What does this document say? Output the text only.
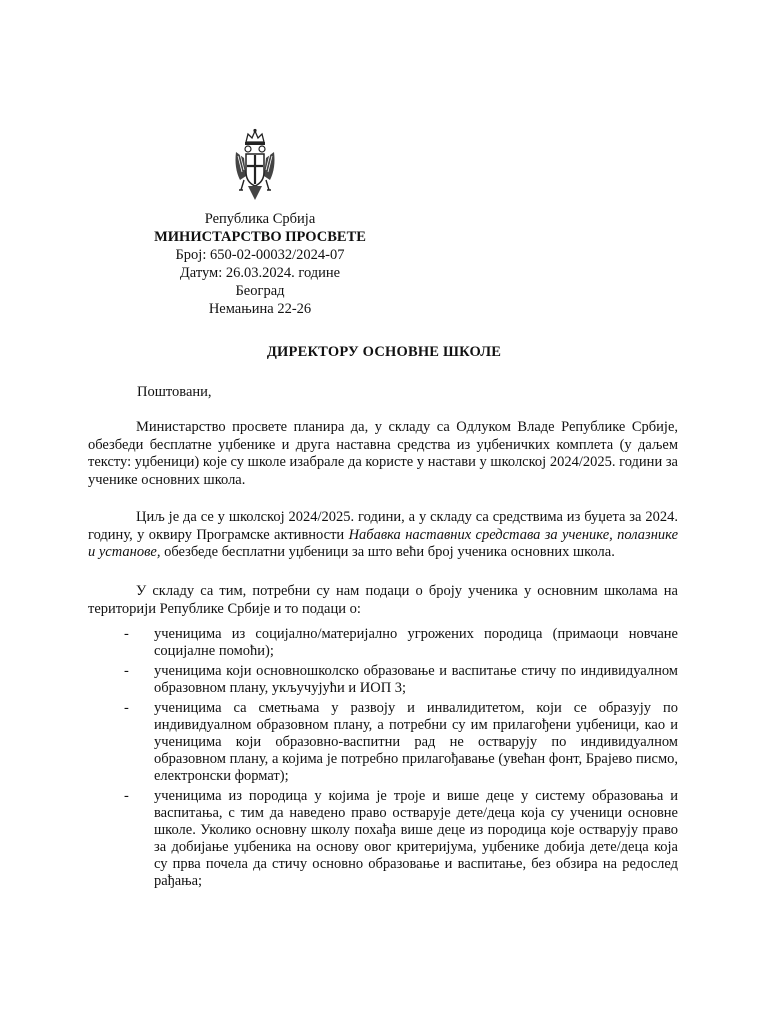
Република Србија
МИНИСТАРСТВО ПРОСВЕТЕ
Број: 650-02-00032/2024-07
Датум: 26.03.2024. године
Београд
Немањина 22-26
ДИРЕКТОРУ ОСНОВНЕ ШКОЛЕ
Поштовани,

Министарство просвете планира да, у складу са Одлуком Владе Републике Србије, обезбеди бесплатне уџбенике и друга наставна средства из уџбеничких комплета (у даљем тексту: уџбеници) које су школе изабрале да користе у настави у школској 2024/2025. години за ученике основних школа.

Циљ је да се у школској 2024/2025. години, а у складу са средствима из буџета за 2024. годину, у оквиру Програмске активности Набавка наставних средстава за ученике, полазнике и установе, обезбеде бесплатни уџбеници за што већи број ученика основних школа.

У складу са тим, потребни су нам подаци о броју ученика у основним школама на територији Републике Србије и то подаци о:

- ученицима из социјално/материјално угрожених породица (примаоци новчане социјалне помоћи);
- ученицима који основношколско образовање и васпитање стичу по индивидуалном образовном плану, укључујући и ИОП 3;
- ученицима са сметњама у развоју и инвалидитетом, који се образују по индивидуалном образовном плану, а потребни су им прилагођени уџбеници, као и ученицима који образовно-васпитни рад не остварују по индивидуалном образовном плану, а којима је потребно прилагођавање (увећан фонт, Брајево писмо, електронски формат);
- ученицима из породица у којима је троје и више деце у систему образовања и васпитања, с тим да наведено право остварује дете/деца која су ученици основне школе. Уколико основну школу похађа више деце из породица које остварују право за добијање уџбеника на основу овог критеријума, уџбенике добија дете/деца која су прва почела да стичу основно образовање и васпитање, без обзира на редослед рађања;
